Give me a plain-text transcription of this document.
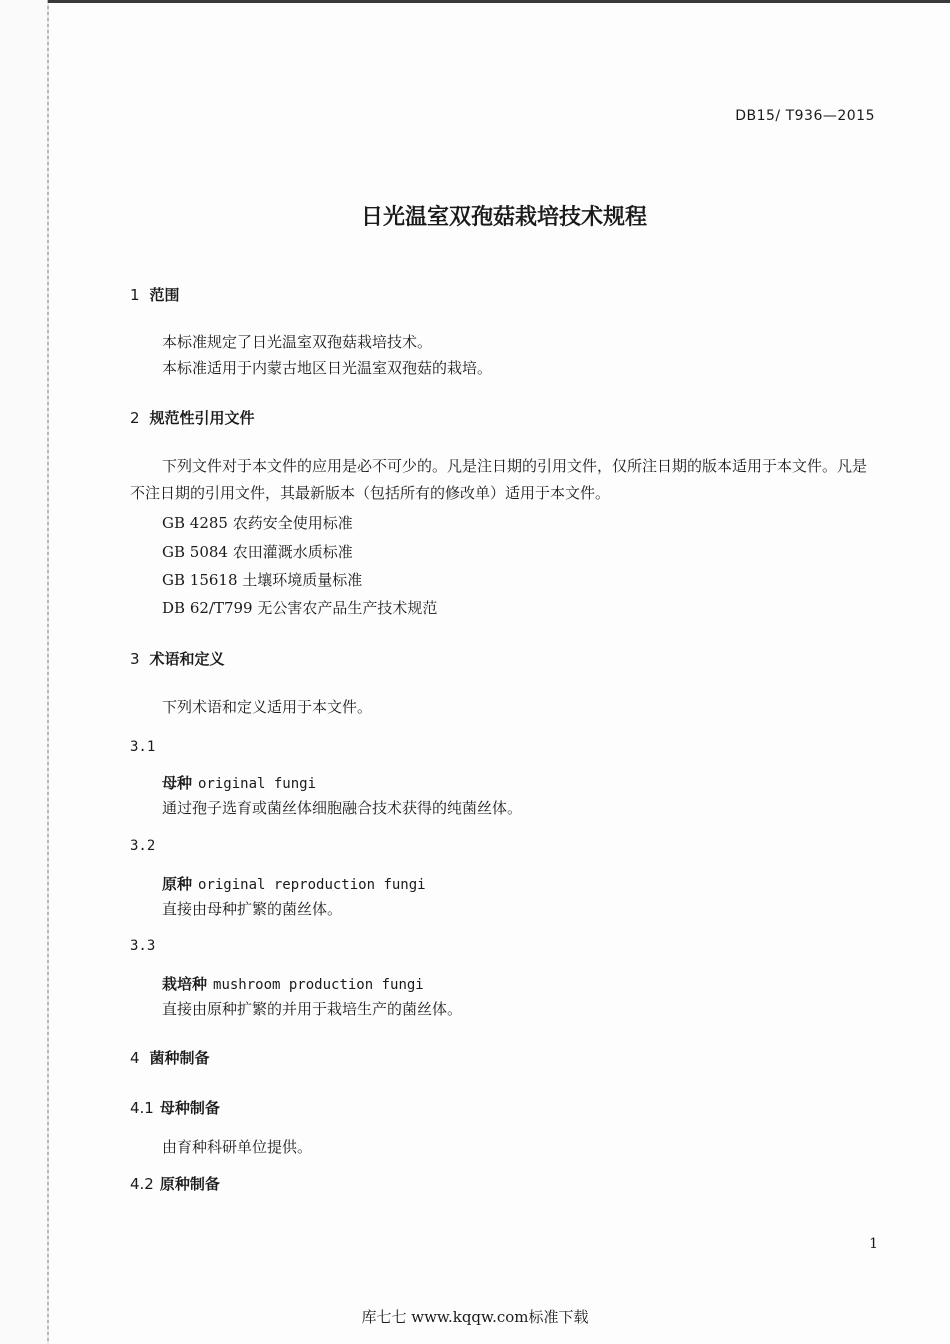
DB15/ T936—2015
日光温室双孢菇栽培技术规程
1 范围
本标准规定了日光温室双孢菇栽培技术。
本标准适用于内蒙古地区日光温室双孢菇的栽培。
2 规范性引用文件
下列文件对于本文件的应用是必不可少的。凡是注日期的引用文件，仅所注日期的版本适用于本文件。凡是不注日期的引用文件，其最新版本（包括所有的修改单）适用于本文件。
GB 4285 农药安全使用标准
GB 5084 农田灌溉水质标准
GB 15618 土壤环境质量标准
DB 62/T799 无公害农产品生产技术规范
3 术语和定义
下列术语和定义适用于本文件。
3.1
母种 original fungi
通过孢子选育或菌丝体细胞融合技术获得的纯菌丝体。
3.2
原种 original reproduction fungi
直接由母种扩繁的菌丝体。
3.3
栽培种 mushroom production fungi
直接由原种扩繁的并用于栽培生产的菌丝体。
4 菌种制备
4.1 母种制备
由育种科研单位提供。
4.2 原种制备
1
库七七 www.kqqw.com标准下载
